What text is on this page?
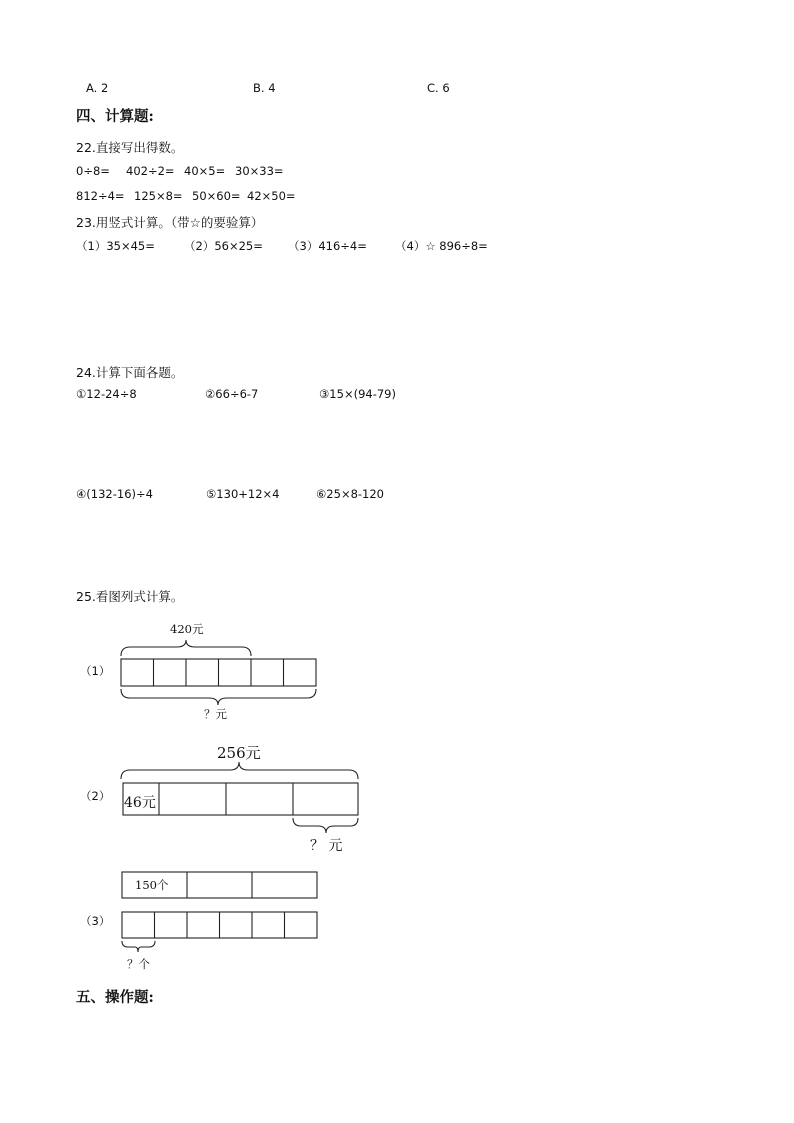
A. 2	B. 4	C. 6
四、计算题:
22.直接写出得数。
0÷8= 402÷2= 40×5= 30×33=
812÷4= 125×8= 50×60= 42×50=
23.用竖式计算。（带☆的要验算）
（1）35×45=	（2）56×25= （3）416÷4= （4）☆ 896÷8=
24.计算下面各题。
①12-24÷8	②66÷6-7	③15×(94-79)
④(132-16)÷4	⑤130+12×4	⑥25×8-120
25.看图列式计算。
（1）
420元
？元
（2）
256元
46元
？ 元
（3）
150个
？个
五、操作题:
